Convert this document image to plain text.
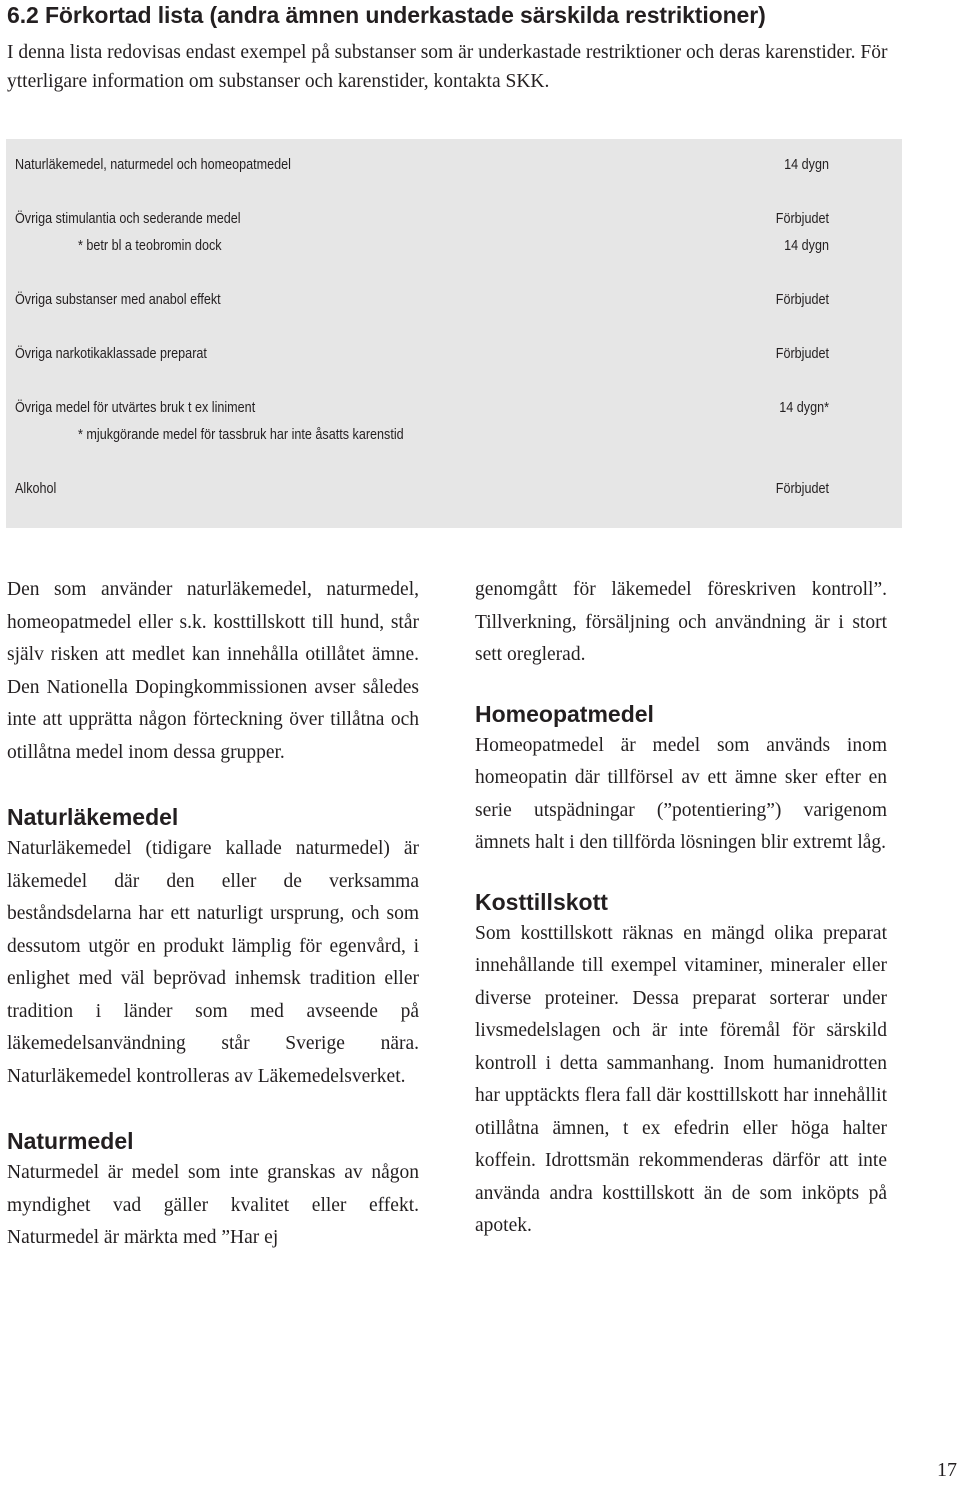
6.2 Förkortad lista (andra ämnen underkastade särskilda restriktioner)

I denna lista redovisas endast exempel på substanser som är underkastade restriktioner och deras karenstider. För ytterligare information om substanser och karenstider, kontakta SKK.

Naturläkemedel, naturmedel och homeopatmedel	14 dygn
Övriga stimulantia och sederande medel	Förbjudet
* betr bl a teobromin dock	14 dygn
Övriga substanser med anabol effekt	Förbjudet
Övriga narkotikaklassade preparat	Förbjudet
Övriga medel för utvärtes bruk t ex liniment	14 dygn*
* mjukgörande medel för tassbruk har inte åsatts karenstid
Alkohol	Förbjudet

Den som använder naturläkemedel, naturmedel, homeopatmedel eller s.k. kosttillskott till hund, står själv risken att medlet kan innehålla otillåtet ämne. Den Nationella Dopingkommissionen avser således inte att upprätta någon förteckning över tillåtna och otillåtna medel inom dessa grupper.

Naturläkemedel

Naturläkemedel (tidigare kallade naturmedel) är läkemedel där den eller de verksamma beståndsdelarna har ett naturligt ursprung, och som dessutom utgör en produkt lämplig för egenvård, i enlighet med väl beprövad inhemsk tradition eller tradition i länder som med avseende på läkemedelsanvändning står Sverige nära. Naturläkemedel kontrolleras av Läkemedelsverket.

Naturmedel

Naturmedel är medel som inte granskas av någon myndighet vad gäller kvalitet eller effekt. Naturmedel är märkta med ”Har ej

genomgått för läkemedel föreskriven kontroll”. Tillverkning, försäljning och användning är i stort sett oreglerad.

Homeopatmedel

Homeopatmedel är medel som används inom homeopatin där tillförsel av ett ämne sker efter en serie utspädningar (”potentiering”) varigenom ämnets halt i den tillförda lösningen blir extremt låg.

Kosttillskott

Som kosttillskott räknas en mängd olika preparat innehållande till exempel vitaminer, mineraler eller diverse proteiner. Dessa preparat sorterar under livsmedelslagen och är inte föremål för särskild kontroll i detta sammanhang. Inom humanidrotten har upptäckts flera fall där kosttillskott har innehållit otillåtna ämnen, t ex efedrin eller höga halter koffein. Idrottsmän rekommenderas därför att inte använda andra kosttillskott än de som inköpts på apotek.

17
